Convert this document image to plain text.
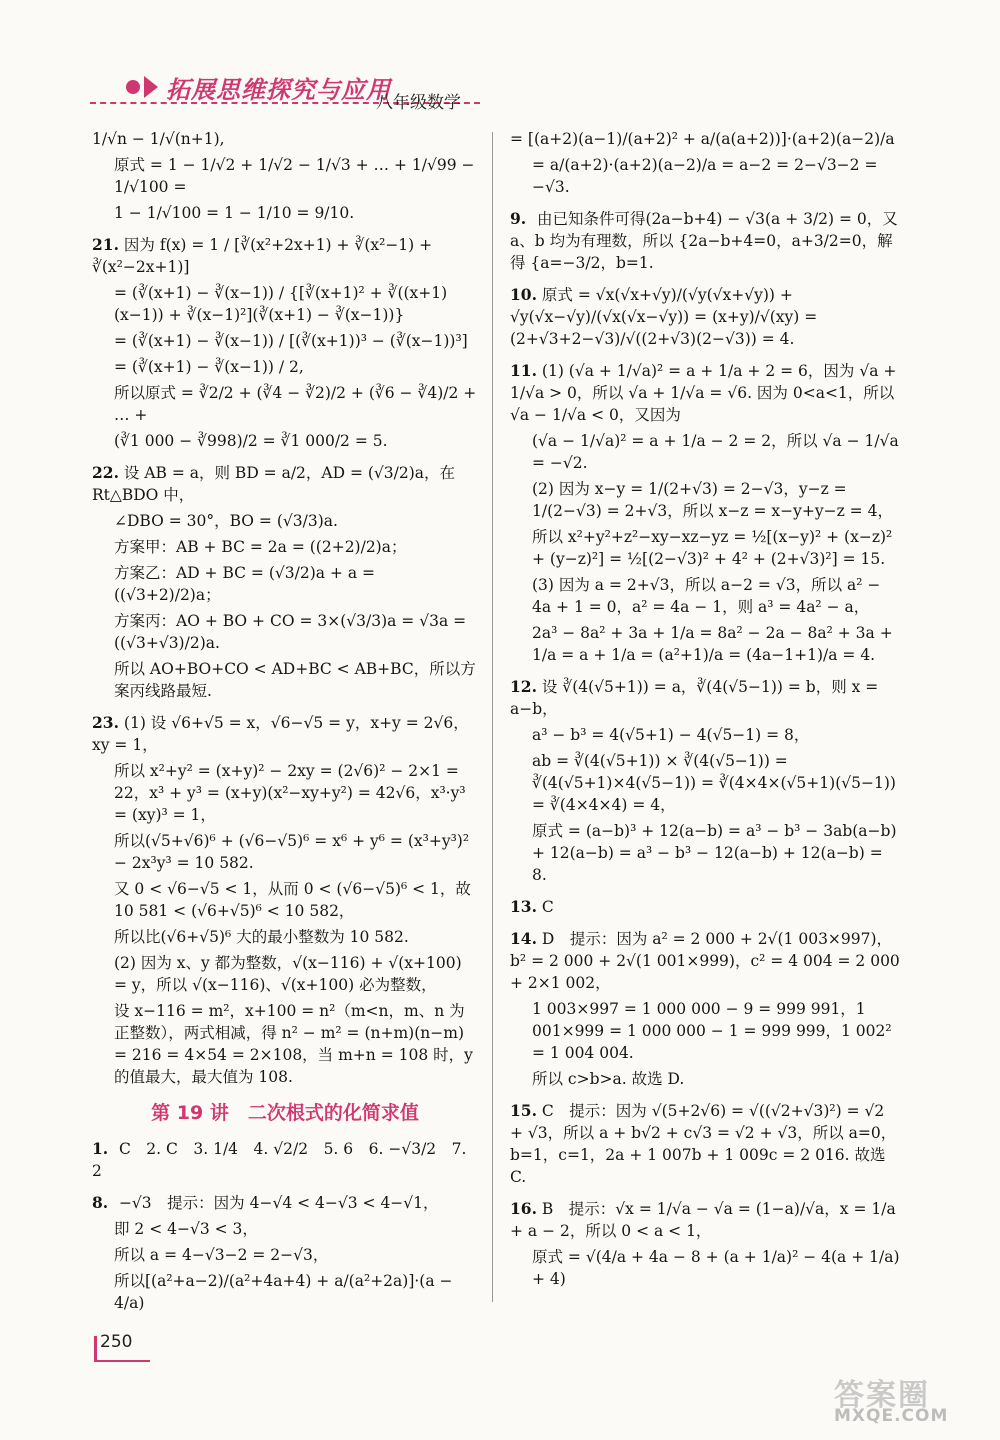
拓展思维探究与应用
八年级数学
1/√n − 1/√(n+1),
原式 = 1 − 1/√2 + 1/√2 − 1/√3 + … + 1/√99 − 1/√100 =
1 − 1/√100 = 1 − 1/10 = 9/10.
21. 因为 f(x) = 1 / [∛(x²+2x+1) + ∛(x²−1) + ∛(x²−2x+1)]
= (∛(x+1) − ∛(x−1)) / {[∛(x+1)² + ∛((x+1)(x−1)) + ∛(x−1)²](∛(x+1) − ∛(x−1))}
= (∛(x+1) − ∛(x−1)) / [(∛(x+1))³ − (∛(x−1))³]
= (∛(x+1) − ∛(x−1)) / 2,
所以原式 = ∛2/2 + (∛4 − ∛2)/2 + (∛6 − ∛4)/2 + … +
(∛1 000 − ∛998)/2 = ∛1 000/2 = 5.
22. 设 AB = a，则 BD = a/2，AD = (√3/2)a，在 Rt△BDO 中，
∠DBO = 30°，BO = (√3/3)a.
方案甲：AB + BC = 2a = ((2+2)/2)a；
方案乙：AD + BC = (√3/2)a + a = ((√3+2)/2)a；
方案丙：AO + BO + CO = 3×(√3/3)a = √3a = ((√3+√3)/2)a.
所以 AO+BO+CO < AD+BC < AB+BC，所以方案丙线路最短.
23. (1) 设 √6+√5 = x，√6−√5 = y，x+y = 2√6，xy = 1，
所以 x²+y² = (x+y)² − 2xy = (2√6)² − 2×1 = 22，x³ + y³ = (x+y)(x²−xy+y²) = 42√6，x³·y³ = (xy)³ = 1，
所以(√5+√6)⁶ + (√6−√5)⁶ = x⁶ + y⁶ = (x³+y³)² − 2x³y³ = 10 582.
又 0 < √6−√5 < 1，从而 0 < (√6−√5)⁶ < 1，故 10 581 < (√6+√5)⁶ < 10 582，
所以比(√6+√5)⁶ 大的最小整数为 10 582.
(2) 因为 x、y 都为整数，√(x−116) + √(x+100) = y，所以 √(x−116)、√(x+100) 必为整数，
设 x−116 = m²，x+100 = n²（m<n，m、n 为正整数），两式相减，得 n² − m² = (n+m)(n−m) = 216 = 4×54 = 2×108，当 m+n = 108 时，y 的值最大，最大值为 108.
第 19 讲　二次根式的化简求值
1. C　2. C　3. 1/4　4. √2/2　5. 6　6. −√3/2　7. 2
8. −√3　提示：因为 4−√4 < 4−√3 < 4−√1，
即 2 < 4−√3 < 3，
所以 a = 4−√3−2 = 2−√3，
所以[(a²+a−2)/(a²+4a+4) + a/(a²+2a)]·(a − 4/a)
= [(a+2)(a−1)/(a+2)² + a/(a(a+2))]·(a+2)(a−2)/a
= a/(a+2)·(a+2)(a−2)/a = a−2 = 2−√3−2 = −√3.
9. 由已知条件可得(2a−b+4) − √3(a + 3/2) = 0，又 a、b 均为有理数，所以 {2a−b+4=0，a+3/2=0，解得 {a=−3/2，b=1.
10. 原式 = √x(√x+√y)/(√y(√x+√y)) + √y(√x−√y)/(√x(√x−√y)) = (x+y)/√(xy) = (2+√3+2−√3)/√((2+√3)(2−√3)) = 4.
11. (1) (√a + 1/√a)² = a + 1/a + 2 = 6，因为 √a + 1/√a > 0，所以 √a + 1/√a = √6. 因为 0<a<1，所以 √a − 1/√a < 0，又因为
(√a − 1/√a)² = a + 1/a − 2 = 2，所以 √a − 1/√a = −√2.
(2) 因为 x−y = 1/(2+√3) = 2−√3，y−z = 1/(2−√3) = 2+√3，所以 x−z = x−y+y−z = 4，
所以 x²+y²+z²−xy−xz−yz = ½[(x−y)² + (x−z)² + (y−z)²] = ½[(2−√3)² + 4² + (2+√3)²] = 15.
(3) 因为 a = 2+√3，所以 a−2 = √3，所以 a² − 4a + 1 = 0，a² = 4a − 1，则 a³ = 4a² − a，
2a³ − 8a² + 3a + 1/a = 8a² − 2a − 8a² + 3a + 1/a = a + 1/a = (a²+1)/a = (4a−1+1)/a = 4.
12. 设 ∛(4(√5+1)) = a，∛(4(√5−1)) = b，则 x = a−b，
a³ − b³ = 4(√5+1) − 4(√5−1) = 8，
ab = ∛(4(√5+1)) × ∛(4(√5−1)) = ∛(4(√5+1)×4(√5−1)) = ∛(4×4×(√5+1)(√5−1)) = ∛(4×4×4) = 4，
原式 = (a−b)³ + 12(a−b) = a³ − b³ − 3ab(a−b) + 12(a−b) = a³ − b³ − 12(a−b) + 12(a−b) = 8.
13. C
14. D　提示：因为 a² = 2 000 + 2√(1 003×997)，b² = 2 000 + 2√(1 001×999)，c² = 4 004 = 2 000 + 2×1 002，
1 003×997 = 1 000 000 − 9 = 999 991，1 001×999 = 1 000 000 − 1 = 999 999，1 002² = 1 004 004.
所以 c>b>a. 故选 D.
15. C　提示：因为 √(5+2√6) = √((√2+√3)²) = √2 + √3，所以 a + b√2 + c√3 = √2 + √3，所以 a=0，b=1，c=1，2a + 1 007b + 1 009c = 2 016. 故选 C.
16. B　提示：√x = 1/√a − √a = (1−a)/√a，x = 1/a + a − 2，所以 0 < a < 1，
原式 = √(4/a + 4a − 8 + (a + 1/a)² − 4(a + 1/a) + 4)
250
答案圈
MXQE.COM
